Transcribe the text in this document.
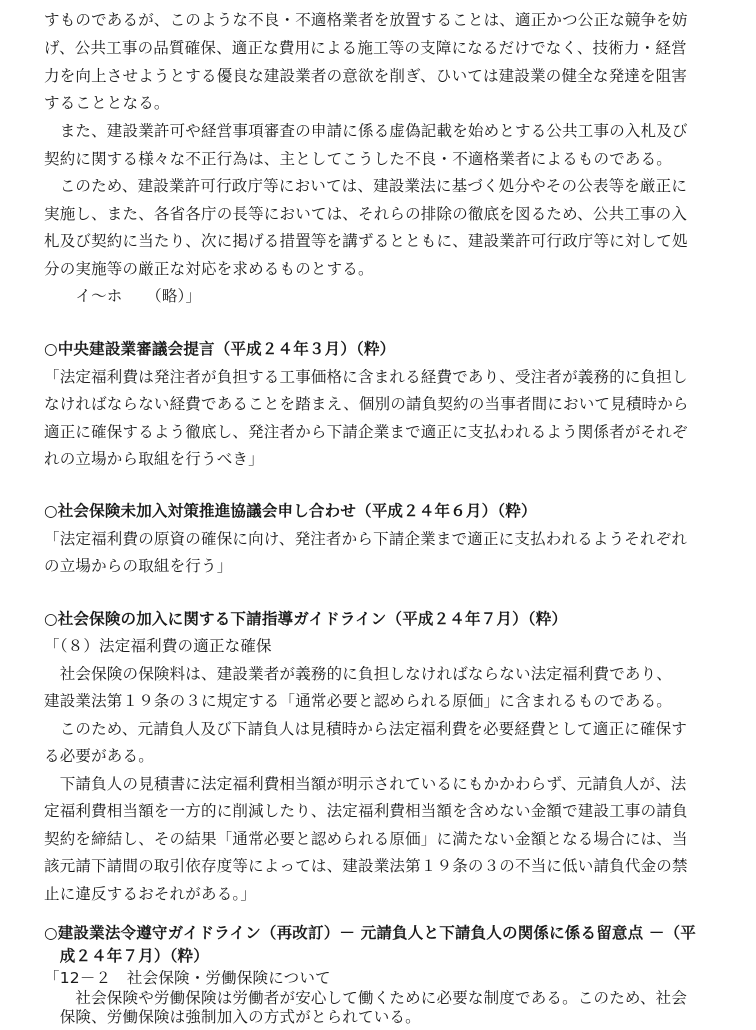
すものであるが、このような不良・不適格業者を放置することは、適正かつ公正な競争を妨
げ、公共工事の品質確保、適正な費用による施工等の支障になるだけでなく、技術力・経営
力を向上させようとする優良な建設業者の意欲を削ぎ、ひいては建設業の健全な発達を阻害
することとなる。
　また、建設業許可や経営事項審査の申請に係る虚偽記載を始めとする公共工事の入札及び
契約に関する様々な不正行為は、主としてこうした不良・不適格業者によるものである。
　このため、建設業許可行政庁等においては、建設業法に基づく処分やその公表等を厳正に
実施し、また、各省各庁の長等においては、それらの排除の徹底を図るため、公共工事の入
札及び契約に当たり、次に掲げる措置等を講ずるとともに、建設業許可行政庁等に対して処
分の実施等の厳正な対応を求めるものとする。
　　イ～ホ　　（略）」
○中央建設業審議会提言（平成２４年３月）（粋）
「法定福利費は発注者が負担する工事価格に含まれる経費であり、受注者が義務的に負担し
なければならない経費であることを踏まえ、個別の請負契約の当事者間において見積時から
適正に確保するよう徹底し、発注者から下請企業まで適正に支払われるよう関係者がそれぞ
れの立場から取組を行うべき」
○社会保険未加入対策推進協議会申し合わせ（平成２４年６月）（粋）
「法定福利費の原資の確保に向け、発注者から下請企業まで適正に支払われるようそれぞれ
の立場からの取組を行う」
○社会保険の加入に関する下請指導ガイドライン（平成２４年７月）（粋）
「（８）法定福利費の適正な確保
　社会保険の保険料は、建設業者が義務的に負担しなければならない法定福利費であり、
建設業法第１９条の３に規定する「通常必要と認められる原価」に含まれるものである。
　このため、元請負人及び下請負人は見積時から法定福利費を必要経費として適正に確保す
る必要がある。
　下請負人の見積書に法定福利費相当額が明示されているにもかかわらず、元請負人が、法
定福利費相当額を一方的に削減したり、法定福利費相当額を含めない金額で建設工事の請負
契約を締結し、その結果「通常必要と認められる原価」に満たない金額となる場合には、当
該元請下請間の取引依存度等によっては、建設業法第１９条の３の不当に低い請負代金の禁
止に違反するおそれがある。」
○建設業法令遵守ガイドライン（再改訂）－ 元請負人と下請負人の関係に係る留意点 －（平
　成２４年７月）（粋）
「12－２　社会保険・労働保険について
　　社会保険や労働保険は労働者が安心して働くために必要な制度である。このため、社会
　保険、労働保険は強制加入の方式がとられている。
